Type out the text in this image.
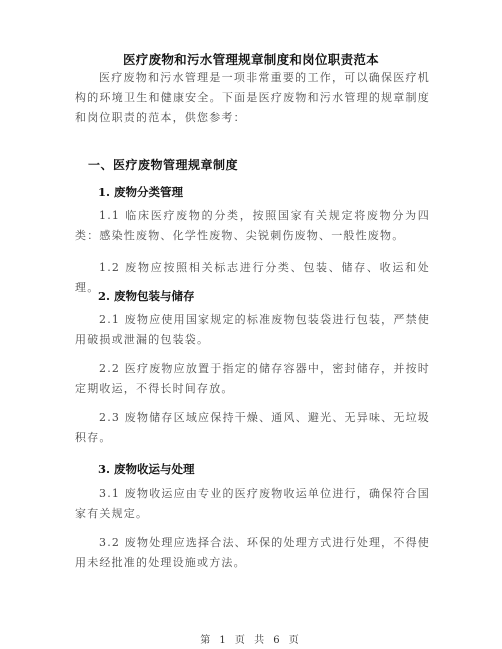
医疗废物和污水管理规章制度和岗位职责范本
医疗废物和污水管理是一项非常重要的工作，可以确保医疗机构的环境卫生和健康安全。下面是医疗废物和污水管理的规章制度和岗位职责的范本，供您参考：
一、医疗废物管理规章制度
1. 废物分类管理
1.1 临床医疗废物的分类，按照国家有关规定将废物分为四类：感染性废物、化学性废物、尖锐刺伤废物、一般性废物。
1.2 废物应按照相关标志进行分类、包装、储存、收运和处理。
2. 废物包装与储存
2.1 废物应使用国家规定的标准废物包装袋进行包装，严禁使用破损或泄漏的包装袋。
2.2 医疗废物应放置于指定的储存容器中，密封储存，并按时定期收运，不得长时间存放。
2.3 废物储存区域应保持干燥、通风、避光、无异味、无垃圾积存。
3. 废物收运与处理
3.1 废物收运应由专业的医疗废物收运单位进行，确保符合国家有关规定。
3.2 废物处理应选择合法、环保的处理方式进行处理，不得使用未经批准的处理设施或方法。
第 1 页 共 6 页
